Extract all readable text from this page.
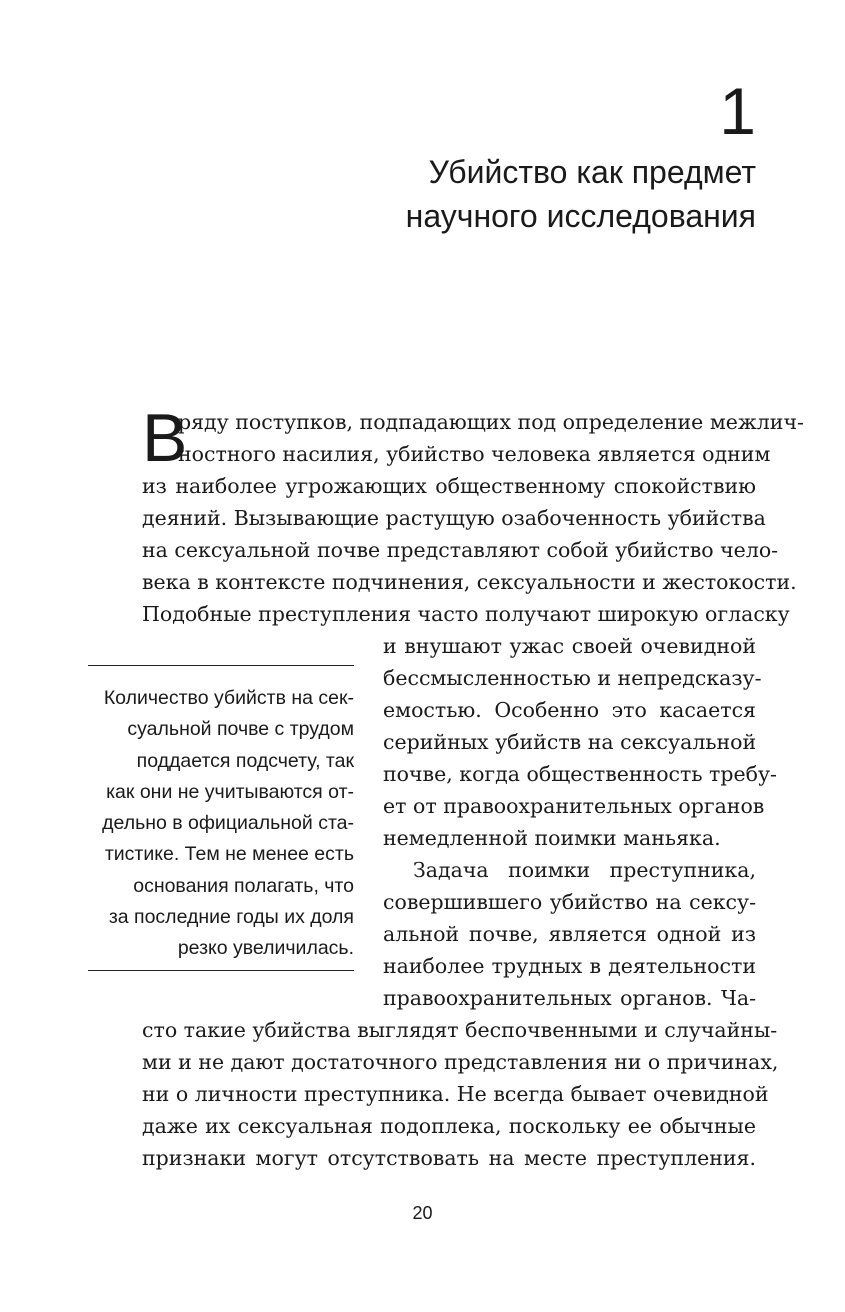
1
Убийство как предмет
научного исследования
В
ряду поступков, подпадающих под определение межлич-
ностного насилия, убийство человека является одним
из наиболее угрожающих общественному спокойствию
деяний. Вызывающие растущую озабоченность убийства
на сексуальной почве представляют собой убийство чело-
века в контексте подчинения, сексуальности и жестокости.
Подобные преступления часто получают широкую огласку
и внушают ужас своей очевидной
бессмысленностью и непредсказу-
емостью. Особенно это касается
серийных убийств на сексуальной
почве, когда общественность требу-
ет от правоохранительных органов
немедленной поимки маньяка.
Задача поимки преступника,
совершившего убийство на сексу-
альной почве, является одной из
наиболее трудных в деятельности
правоохранительных органов. Ча-
сто такие убийства выглядят беспочвенными и случайны-
ми и не дают достаточного представления ни о причинах,
ни о личности преступника. Не всегда бывает очевидной
даже их сексуальная подоплека, поскольку ее обычные
признаки могут отсутствовать на месте преступления.
Количество убийств на сек-
суальной почве с трудом
поддается подсчету, так
как они не учитываются от-
дельно в официальной ста-
тистике. Тем не менее есть
основания полагать, что
за последние годы их доля
резко увеличилась.
20
